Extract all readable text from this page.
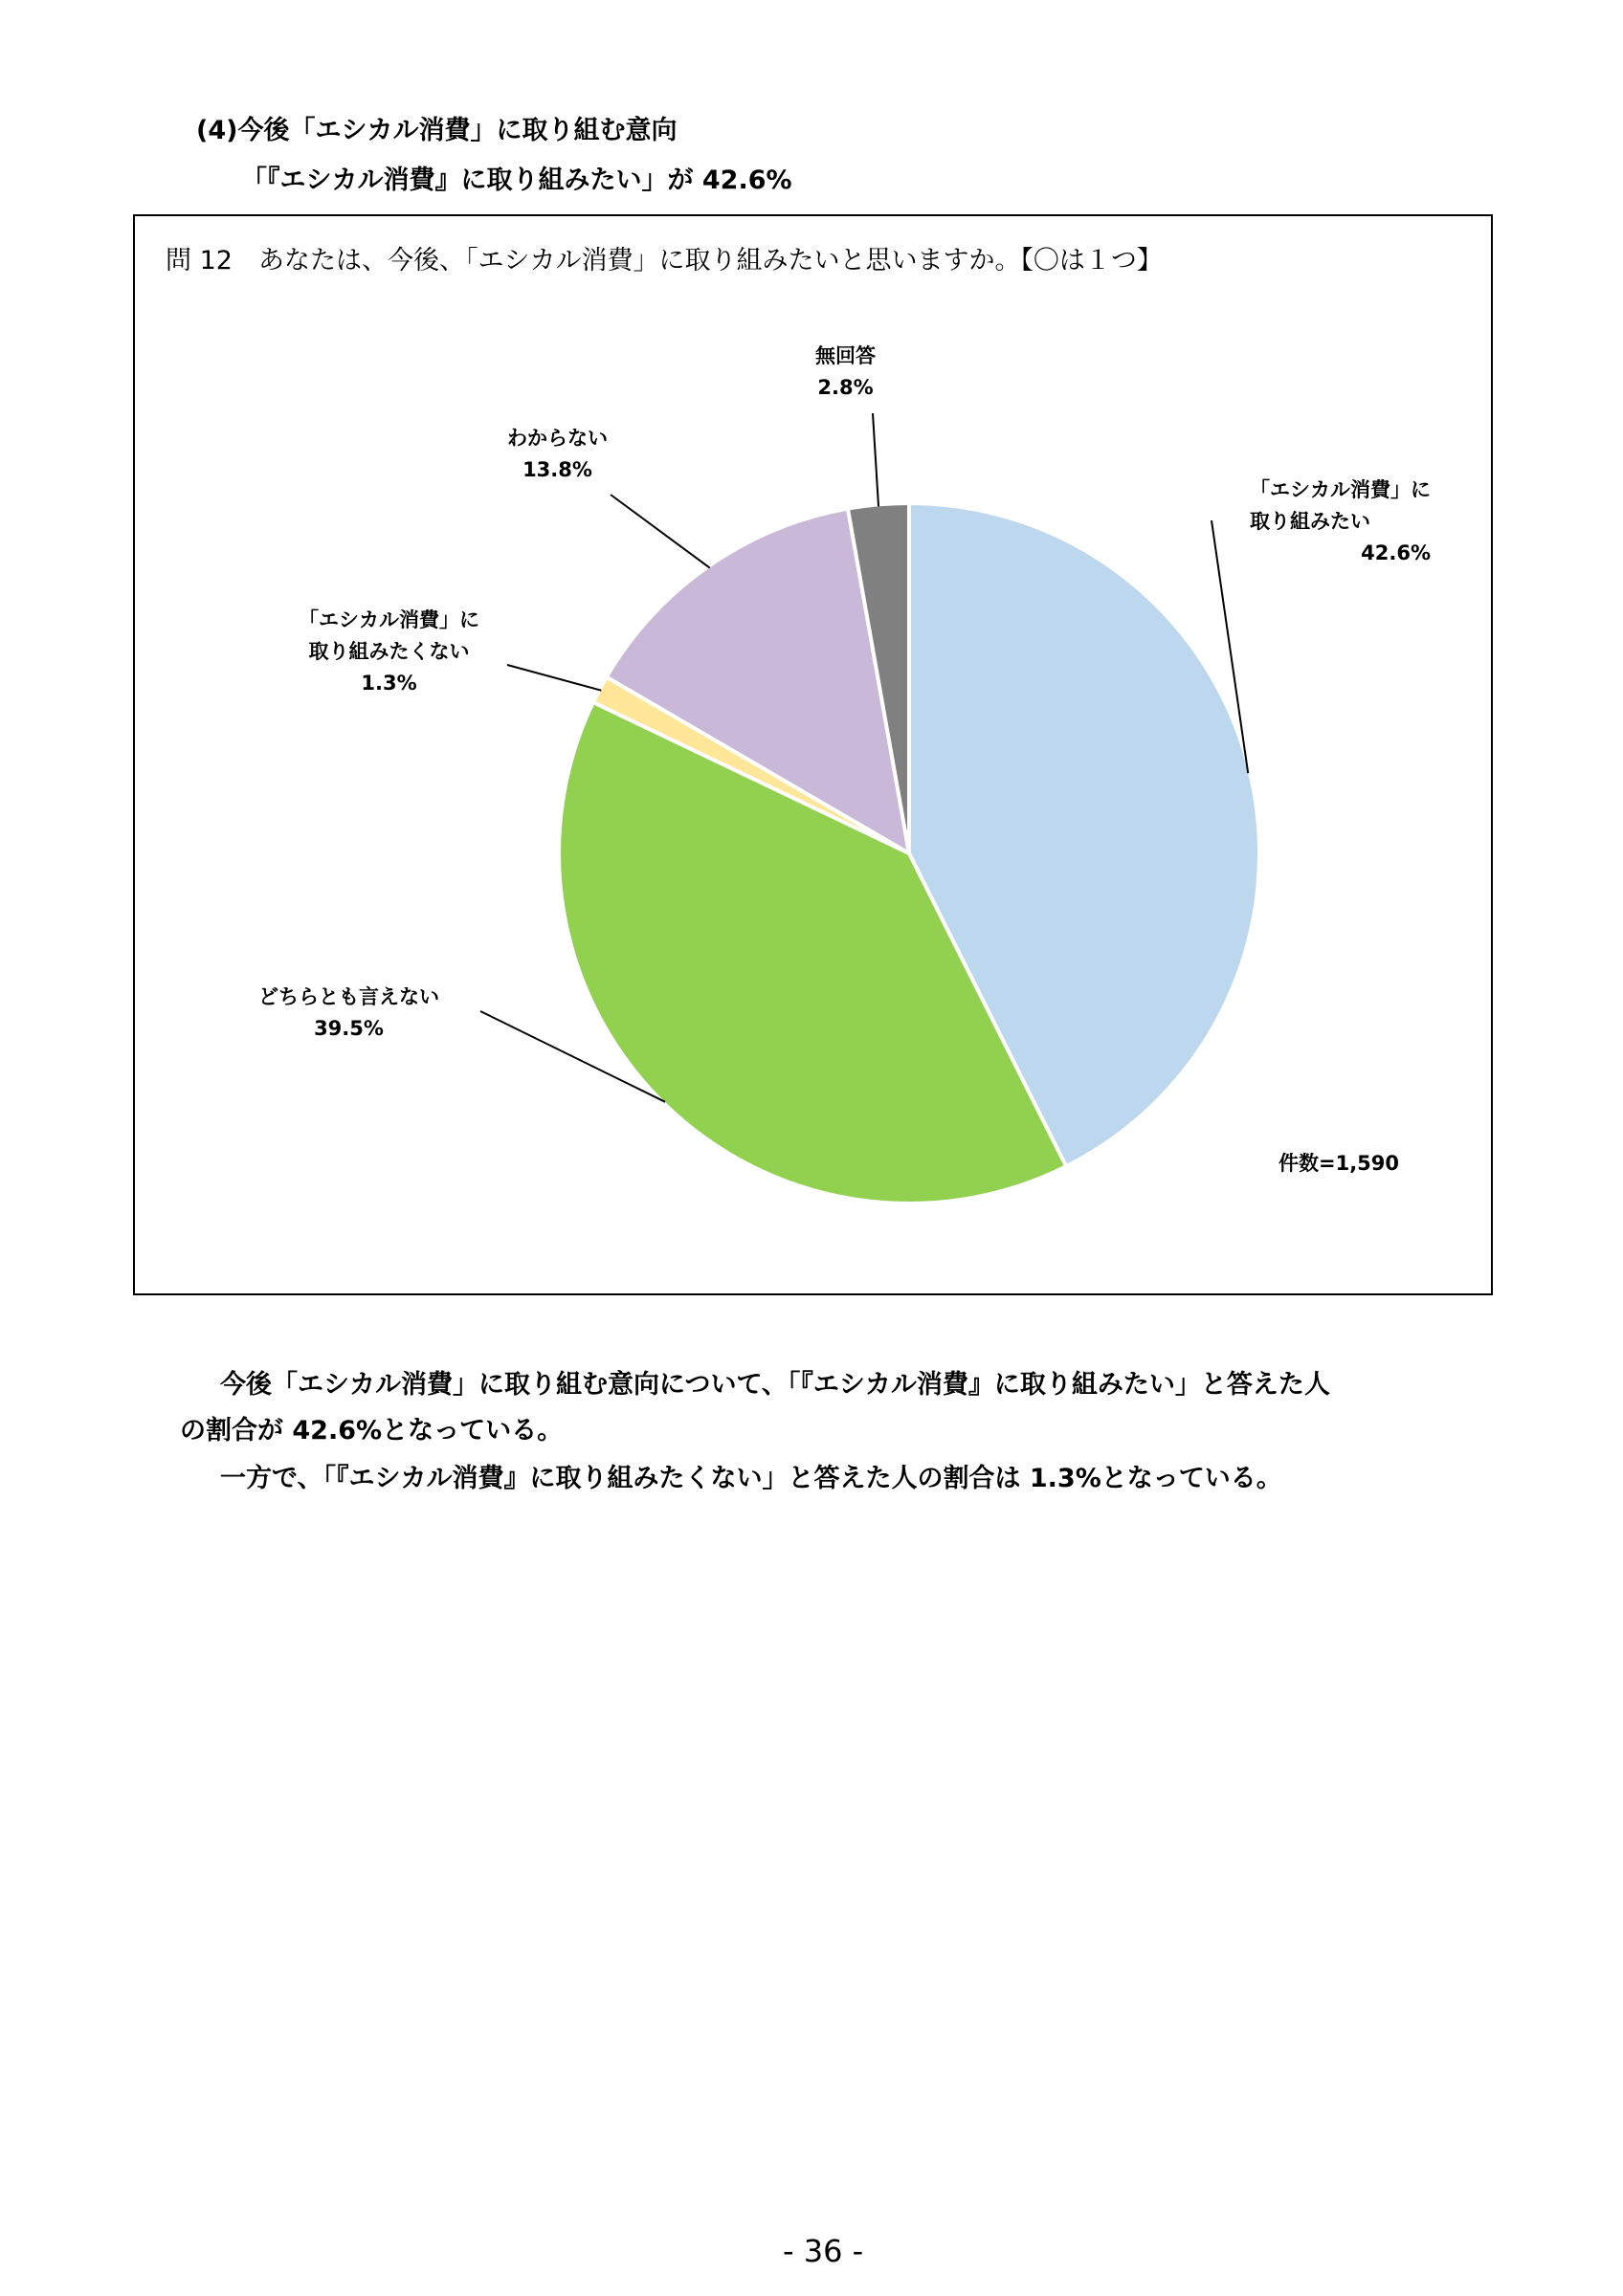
(4)今後「エシカル消費」に取り組む意向
「『エシカル消費』に取り組みたい」が 42.6%
問 12　あなたは、今後、「エシカル消費」に取り組みたいと思いますか。【〇は１つ】
「エシカル消費」に
取り組みたい
42.6%
どちらとも言えない
39.5%
「エシカル消費」に
取り組みたくない
1.3%
わからない
13.8%
無回答
2.8%
件数=1,590
今後「エシカル消費」に取り組む意向について、「『エシカル消費』に取り組みたい」と答えた人
の割合が 42.6%となっている。
一方で、「『エシカル消費』に取り組みたくない」と答えた人の割合は 1.3%となっている。
- 36 -
